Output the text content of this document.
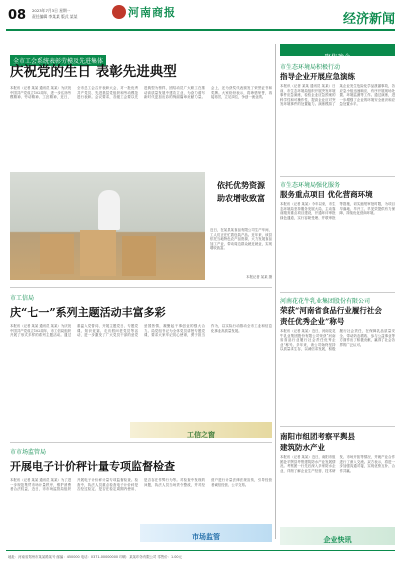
08 2023年7月3日 星期一
责任编辑 李某某 版式 某某	河南商报	经济新闻
全市工会系统表彰劳模及先进集体
庆祝党的生日 表彰先进典型
本报讯（记者 某某 通讯员 某某）为庆祝中国共产党成立102周年，进一步弘扬劳模精神、劳动精神、工匠精神，近日，全市总工会召开表彰大会，对一批优秀共产党员、先进基层党组织和劳动模范进行表彰。会议要求，各级工会要以先进典型为榜样，团结动员广大职工在推动高质量发展中建功立业，为奋力谱写新时代更加出彩的绚丽篇章贡献力量。会上，还为获奖代表颁发了荣誉证书和奖牌。大家纷纷表示，将珍惜荣誉，再接再厉，立足岗位，争创一流业绩。
依托优势资源
助农增收致富
近日，在某县某食品有限公司生产车间，工人们正在忙着包装产品。近年来，该县依托当地特色农产品资源，大力发展食品加工产业，带动周边群众就近就业，实现增收致富。
本报记者 某某 摄
聚焦豫企
市生态环境局积极行动
指导企业开展应急演练
本报讯（记者 某某 通讯员 某某）日前，市生态环境局组织开展突发环境事件应急演练，检验企业应急预案的科学性和可操作性，提高企业应对突发环境事件的处置能力。演练模拟了某企业发生危险化学品泄漏事故，各应急小组迅速响应，有序开展现场处置、环境监测等工作。通过演练，进一步增强了企业的环境安全意识和应急处置水平。
市生态环境局强化服务
服务重点项目 优化营商环境
本报讯（记者 某某）今年以来，市生态环境局坚持服务发展大局，主动靠前服务重点项目建设，开通环评审批绿色通道，实行容缺受理、并联审批等措施，切实缩短审批时限，为项目早落地、早开工、早见效提供有力保障，持续优化营商环境。
河南花花牛乳业集团股份有限公司
荣获“河南省食品行业履行社会
责任优秀企业”称号
本报讯（记者 某某）近日，河南花花牛乳业集团股份有限公司荣获“河南省食品行业履行社会责任优秀企业”称号。多年来，该公司始终坚持以质量求生存，以诚信求发展，积极履行社会责任，在保障乳品质量安全、带动奶农增收、参与公益事业等方面作出了积极贡献，赢得了社会各界的广泛认可。
南阳市组团考察平舆县
建筑防水产业
本报讯（记者 某某）近日，南阳市组团赴平舆县考察建筑防水产业发展情况。考察团一行先后深入多家防水企业，详细了解企业生产经营、技术研发、市场开拓等情况，并就产业合作进行了深入交流。双方表示，将进一步加强沟通对接，实现优势互补、合作共赢。
企业快讯
市工信局
庆“七一”系列主题活动丰富多彩
本报讯（记者 某某 通讯员 某某）为庆祝中国共产党成立102周年，市工信局组织开展了形式多样的系列主题活动。通过重温入党誓词、开展主题党日、专题党课、知识竞赛、走访慰问老党员等活动，进一步激发了广大党员干部的爱党爱国热情，凝聚起干事创业的强大合力。局党组书记为全体党员讲授专题党课，要求大家牢记初心使命，勇于担当作为，以实际行动推动全市工业和信息化事业高质量发展。
工信之窗
市市场监管局
开展电子计价秤计量专项监督检查
本报讯（记者 某某 通讯员 某某）为了进一步规范集贸市场计量秩序，维护消费者合法权益，近日，市市场监管局组织开展电子计价秤计量专项监督检查。检查中，执法人员重点检查电子计价秤是否经过检定、是否在检定周期内使用、是否存在作弊行为等。对检查中发现的问题，执法人员当场责令整改，并对经营户进行计量法律法规宣传，引导经营者诚信经营、公平交易。
市场监管
地址：河南省郑州市某某路某号 邮编：450000 电话：0371-00000000 印刷：某某印务有限公司 零售价：1.00元
